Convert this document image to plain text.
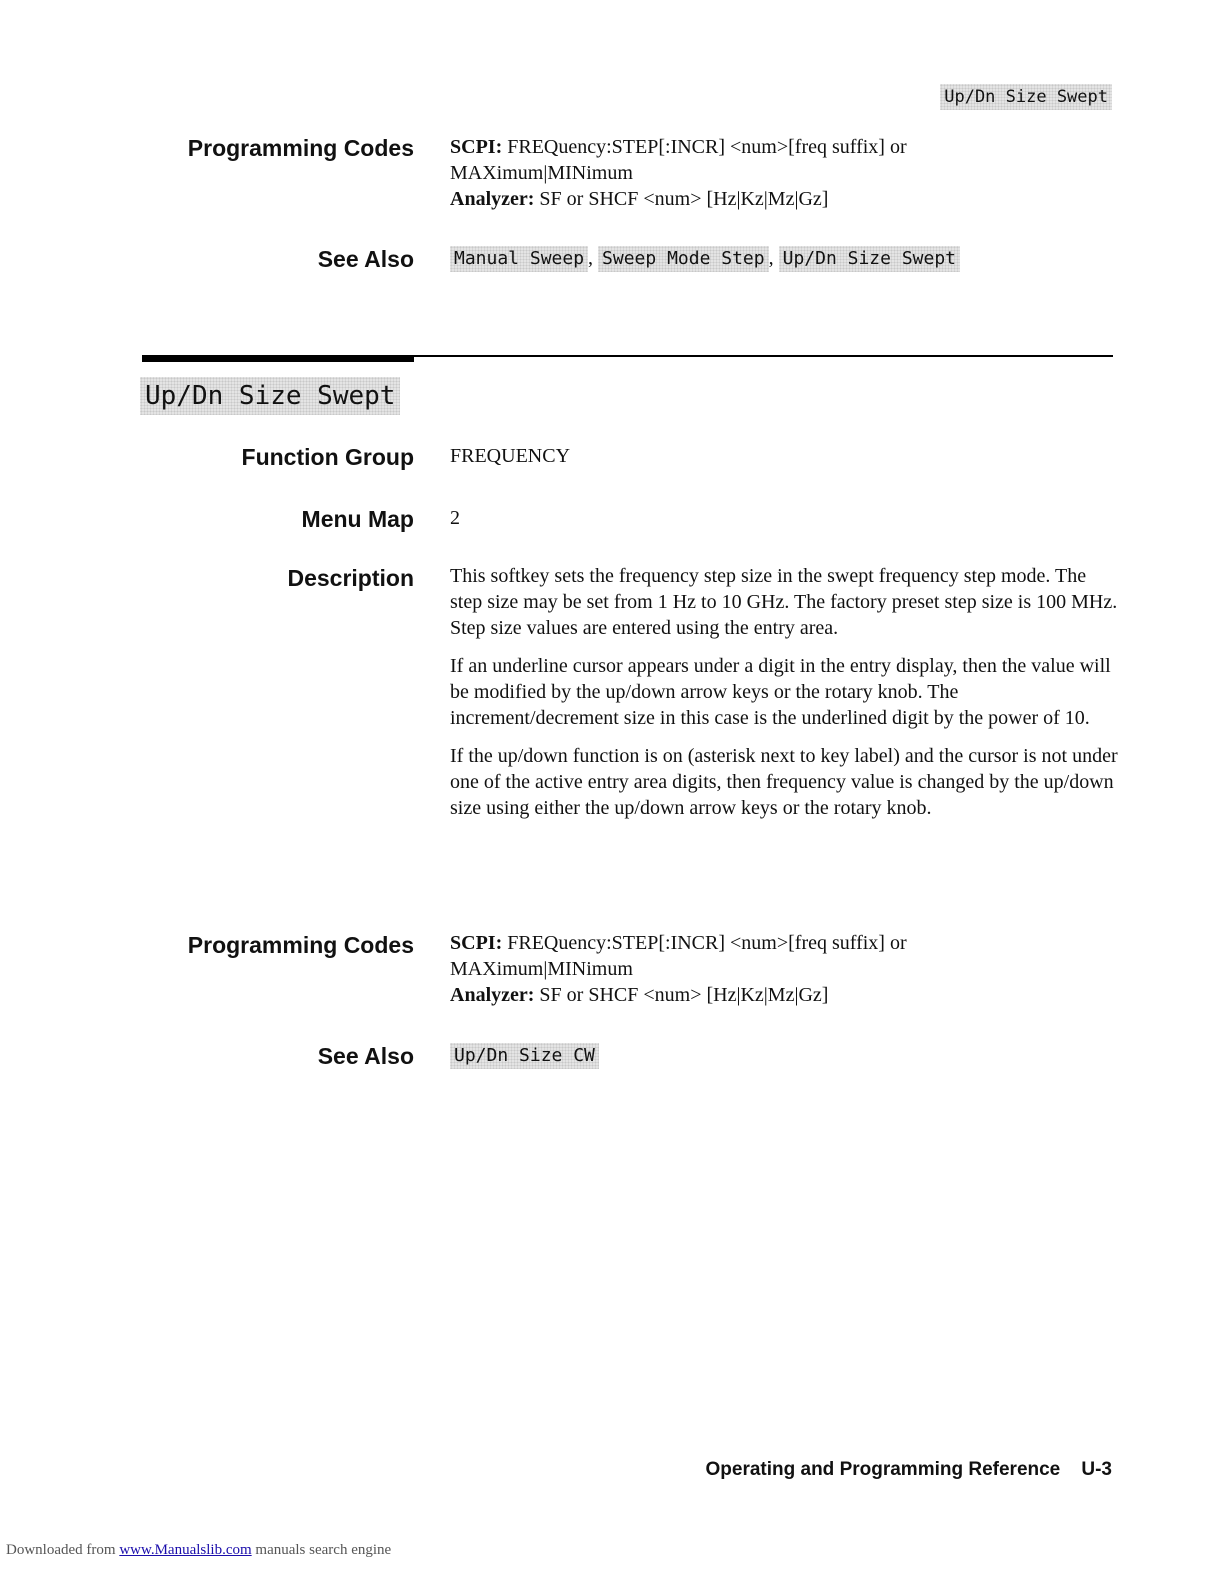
Up/Dn Size Swept
Programming Codes SCPI: FREQuency:STEP[:INCR] <num>[freq suffix] or
MAXimum|MINimum
Analyzer: SF or SHCF <num> [Hz|Kz|Mz|Gz]
See Also Manual Sweep , Sweep Mode Step , Up/Dn Size Swept
Up/Dn Size Swept
Function Group FREQUENCY
Menu Map 2
Description This softkey sets the frequency step size in the swept frequency step mode. The step size may be set from 1 Hz to 10 GHz. The factory preset step size is 100 MHz. Step size values are entered using the entry area.

If an underline cursor appears under a digit in the entry display, then the value will be modified by the up/down arrow keys or the rotary knob. The increment/decrement size in this case is the underlined digit by the power of 10.

If the up/down function is on (asterisk next to key label) and the cursor is not under one of the active entry area digits, then frequency value is changed by the up/down size using either the up/down arrow keys or the rotary knob.

Programming Codes SCPI: FREQuency:STEP[:INCR] <num>[freq suffix] or
MAXimum|MINimum
Analyzer: SF or SHCF <num> [Hz|Kz|Mz|Gz]
See Also Up/Dn Size CW
Operating and Programming Reference U-3
Downloaded from www.Manualslib.com manuals search engine
